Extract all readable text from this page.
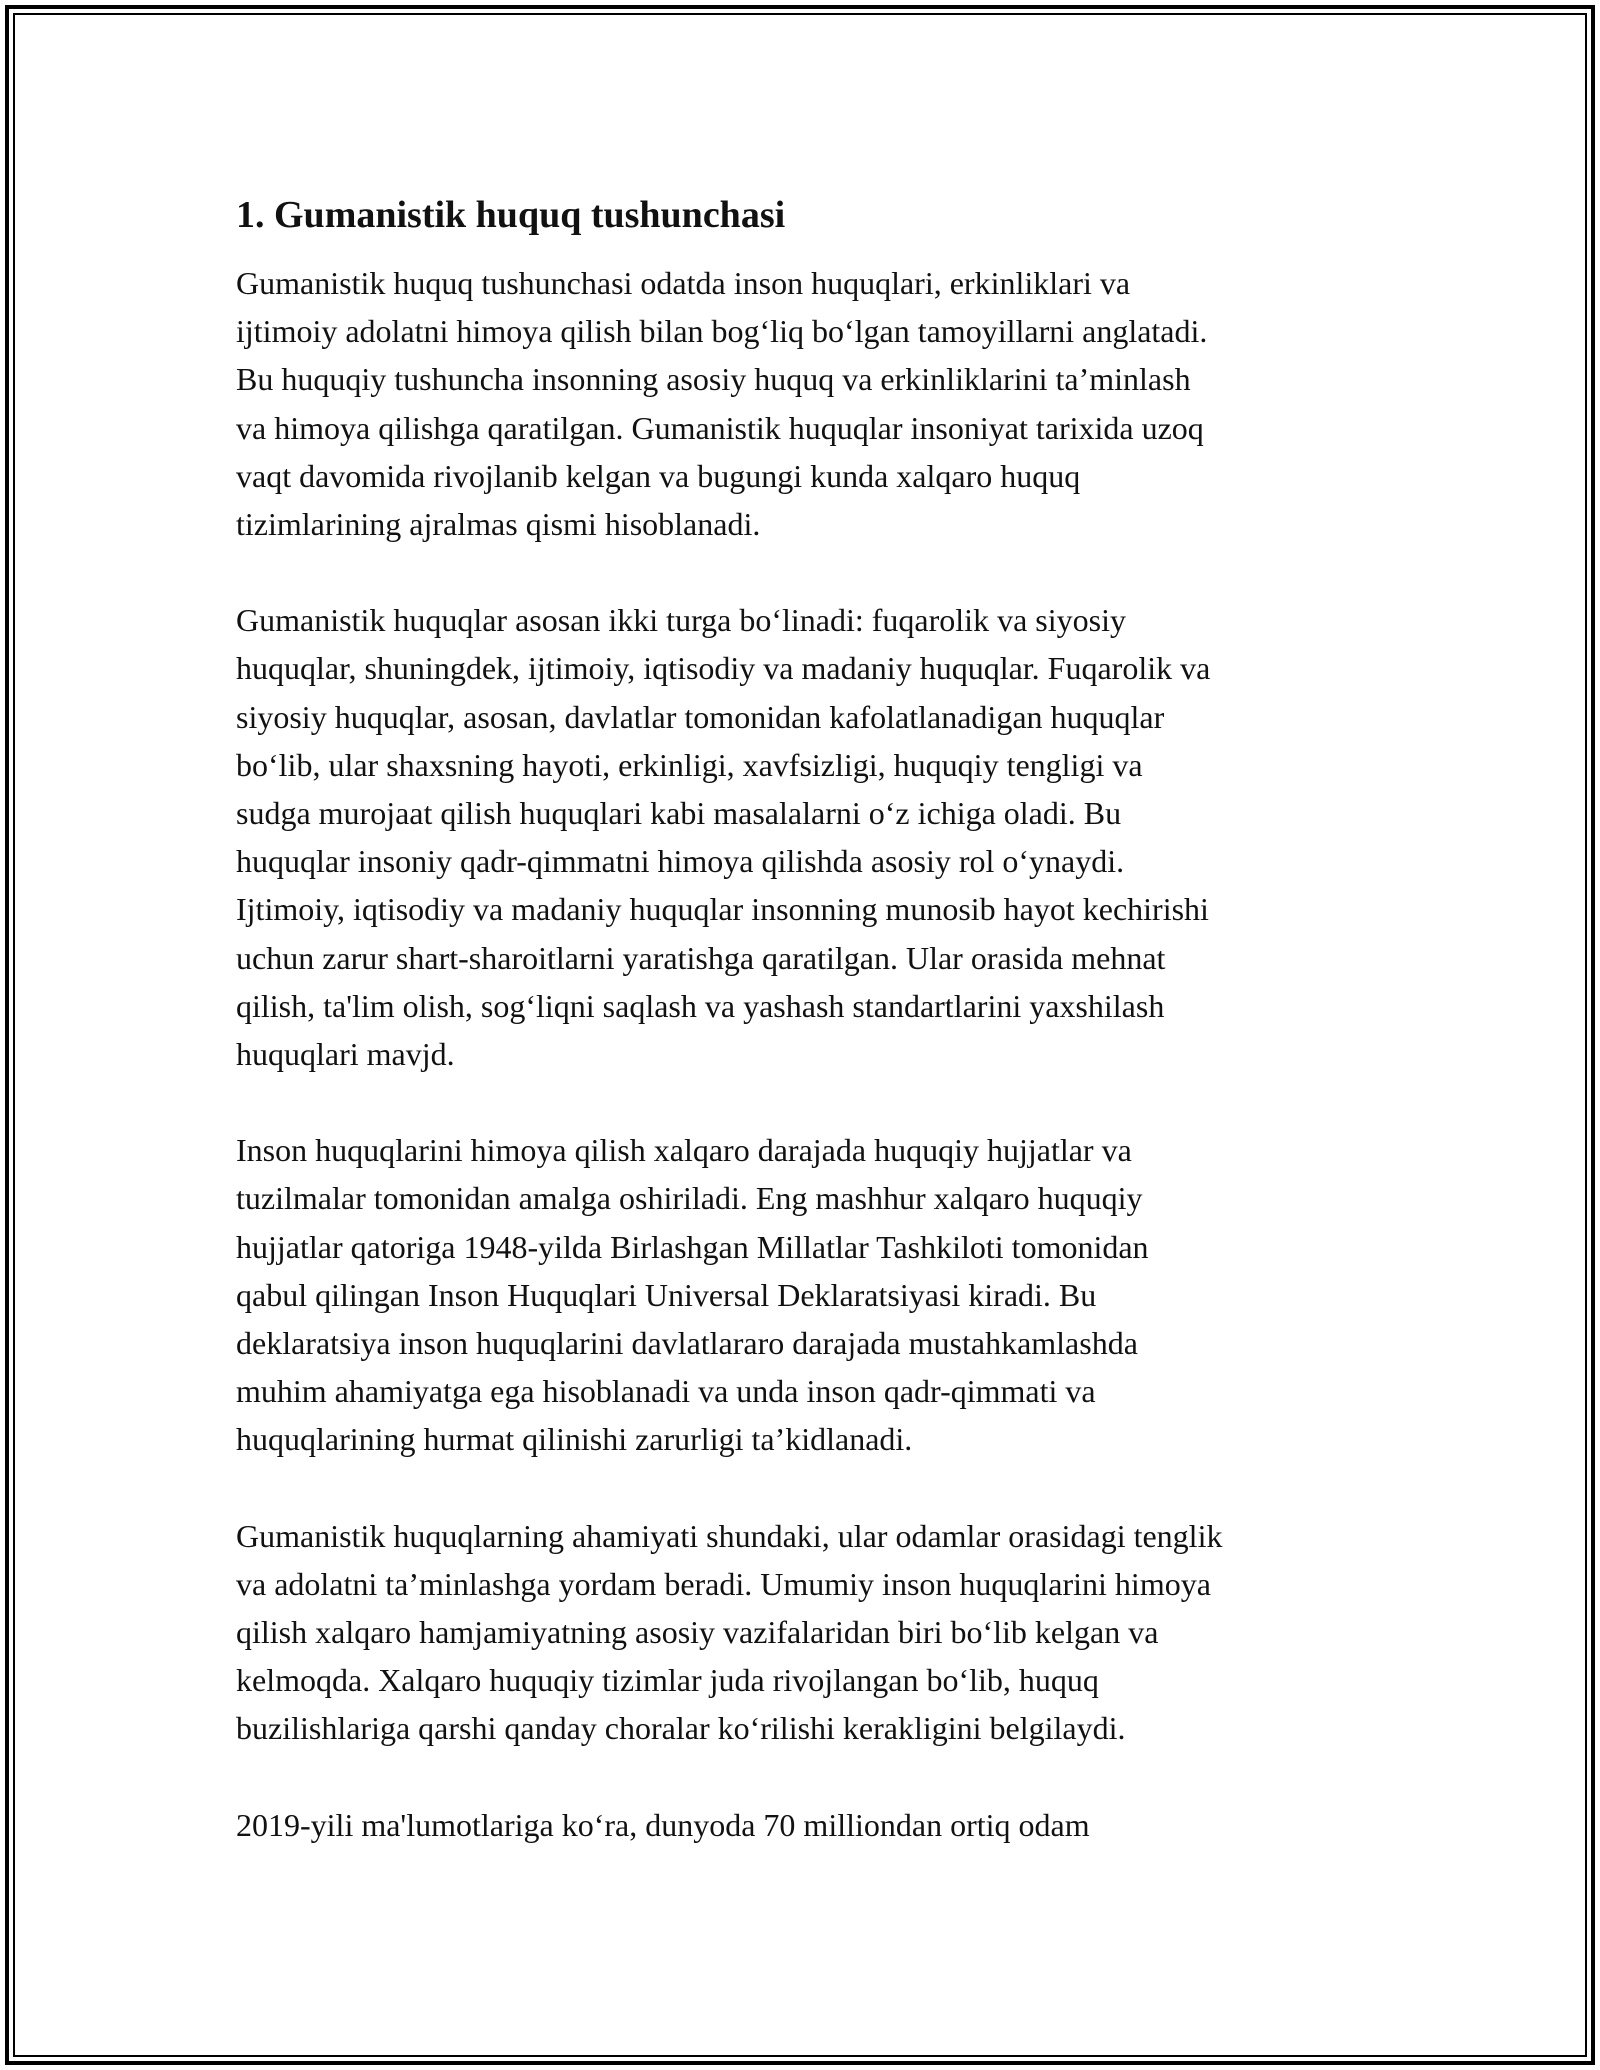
1. Gumanistik huquq tushunchasi
Gumanistik huquq tushunchasi odatda inson huquqlari, erkinliklari va
ijtimoiy adolatni himoya qilish bilan bog‘liq bo‘lgan tamoyillarni anglatadi.
Bu huquqiy tushuncha insonning asosiy huquq va erkinliklarini ta’minlash
va himoya qilishga qaratilgan. Gumanistik huquqlar insoniyat tarixida uzoq
vaqt davomida rivojlanib kelgan va bugungi kunda xalqaro huquq
tizimlarining ajralmas qismi hisoblanadi.
Gumanistik huquqlar asosan ikki turga bo‘linadi: fuqarolik va siyosiy
huquqlar, shuningdek, ijtimoiy, iqtisodiy va madaniy huquqlar. Fuqarolik va
siyosiy huquqlar, asosan, davlatlar tomonidan kafolatlanadigan huquqlar
bo‘lib, ular shaxsning hayoti, erkinligi, xavfsizligi, huquqiy tengligi va
sudga murojaat qilish huquqlari kabi masalalarni o‘z ichiga oladi. Bu
huquqlar insoniy qadr-qimmatni himoya qilishda asosiy rol o‘ynaydi.
Ijtimoiy, iqtisodiy va madaniy huquqlar insonning munosib hayot kechirishi
uchun zarur shart-sharoitlarni yaratishga qaratilgan. Ular orasida mehnat
qilish, ta'lim olish, sog‘liqni saqlash va yashash standartlarini yaxshilash
huquqlari mavjd.
Inson huquqlarini himoya qilish xalqaro darajada huquqiy hujjatlar va
tuzilmalar tomonidan amalga oshiriladi. Eng mashhur xalqaro huquqiy
hujjatlar qatoriga 1948-yilda Birlashgan Millatlar Tashkiloti tomonidan
qabul qilingan Inson Huquqlari Universal Deklaratsiyasi kiradi. Bu
deklaratsiya inson huquqlarini davlatlararo darajada mustahkamlashda
muhim ahamiyatga ega hisoblanadi va unda inson qadr-qimmati va
huquqlarining hurmat qilinishi zarurligi ta’kidlanadi.
Gumanistik huquqlarning ahamiyati shundaki, ular odamlar orasidagi tenglik
va adolatni ta’minlashga yordam beradi. Umumiy inson huquqlarini himoya
qilish xalqaro hamjamiyatning asosiy vazifalaridan biri bo‘lib kelgan va
kelmoqda. Xalqaro huquqiy tizimlar juda rivojlangan bo‘lib, huquq
buzilishlariga qarshi qanday choralar ko‘rilishi kerakligini belgilaydi.
2019-yili ma'lumotlariga ko‘ra, dunyoda 70 milliondan ortiq odam
